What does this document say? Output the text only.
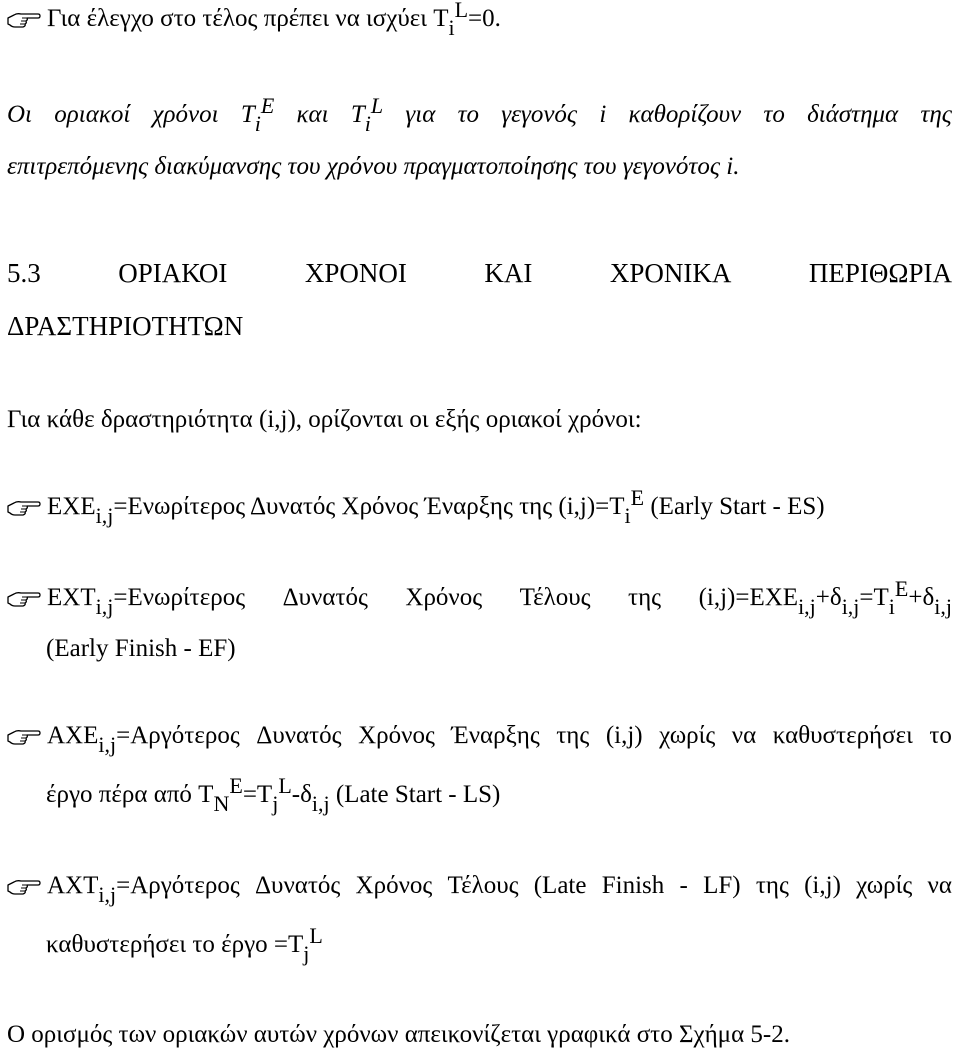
Για έλεγχο στο τέλος πρέπει να ισχύει TiL=0.
Οι οριακοί χρόνοι TiE και TiL για το γεγονός i καθορίζουν το διάστημα της
επιτρεπόμενης διακύμανσης του χρόνου πραγματοποίησης του γεγονότος i.
5.3	ΟΡΙΑΚΟΙ	ΧΡΟΝΟΙ	ΚΑΙ	ΧΡΟΝΙΚΑ	ΠΕΡΙΘΩΡΙΑ
ΔΡΑΣΤΗΡΙΟΤΗΤΩΝ
Για κάθε δραστηριότητα (i,j), ορίζονται οι εξής οριακοί χρόνοι:
ΕΧΕi,j=Ενωρίτερος Δυνατός Χρόνος Έναρξης της (i,j)=TiE (Early Start - ES)
ΕΧΤi,j=Ενωρίτερος Δυνατός Χρόνος Τέλους της (i,j)=ΕΧΕi,j+δi,j=TiE+δi,j
(Early Finish - EF)
ΑΧΕi,j=Αργότερος Δυνατός Χρόνος Έναρξης της (i,j) χωρίς να καθυστερήσει το
έργο πέρα από TNE=TjL-δi,j (Late Start - LS)
ΑΧΤi,j=Αργότερος Δυνατός Χρόνος Τέλους (Late Finish - LF) της (i,j) χωρίς να
καθυστερήσει το έργο =TjL
Ο ορισμός των οριακών αυτών χρόνων απεικονίζεται γραφικά στο Σχήμα 5-2.
